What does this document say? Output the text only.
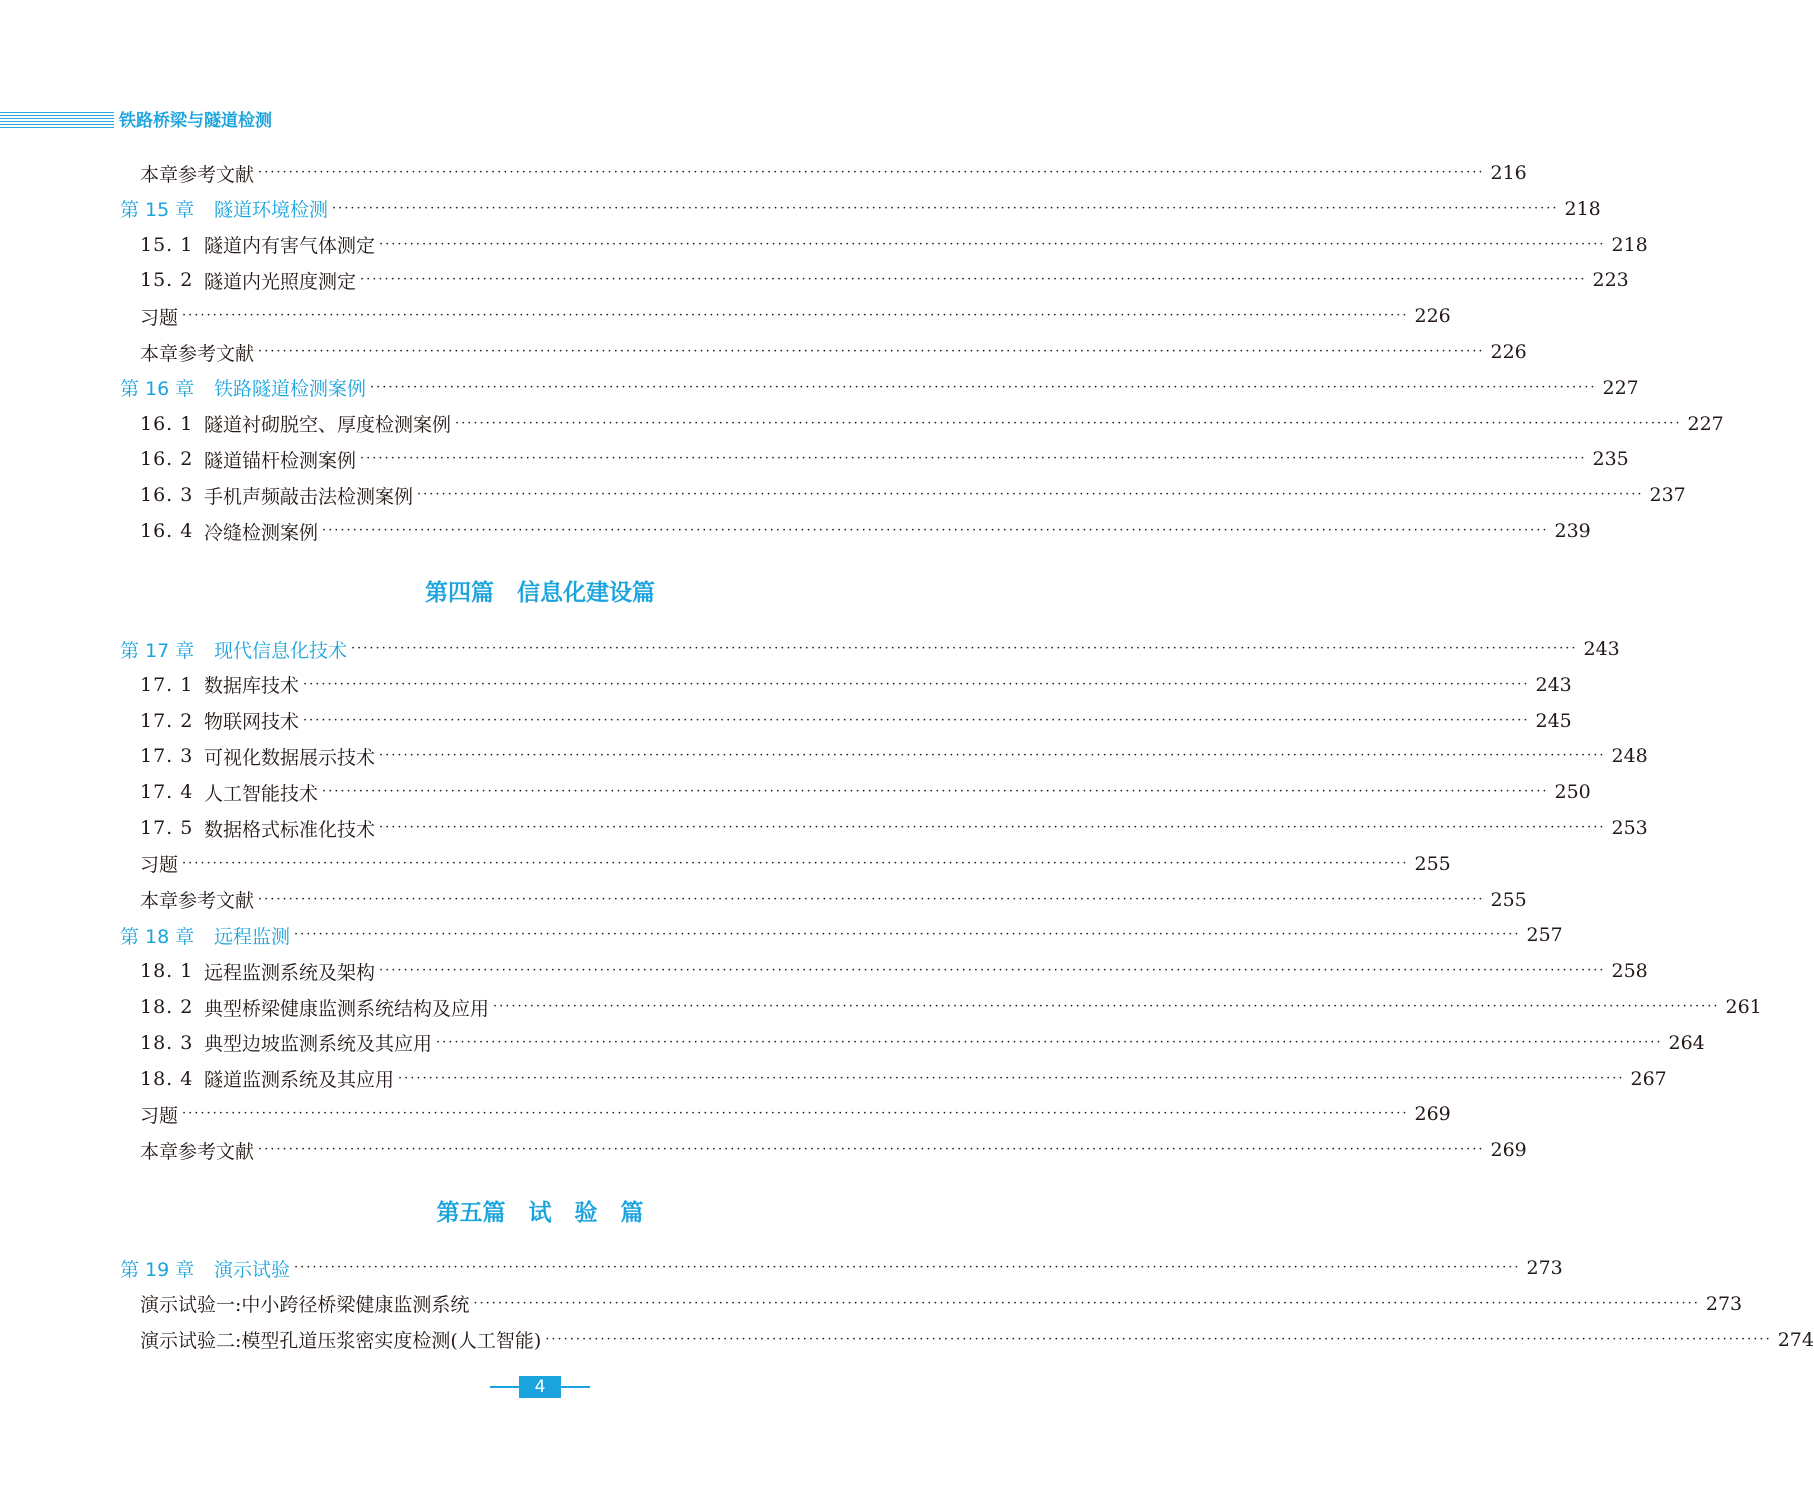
铁路桥梁与隧道检测
本章参考文献 ········································································································································································································ 216
第 15 章	隧道环境检测 ········································································································································································································ 218
15. 1 隧道内有害气体测定 ········································································································································································································ 218
15. 2 隧道内光照度测定 ········································································································································································································ 223
习题 ········································································································································································································ 226
本章参考文献 ········································································································································································································ 226
第 16 章	铁路隧道检测案例 ········································································································································································································ 227
16. 1 隧道衬砌脱空、厚度检测案例 ········································································································································································································ 227
16. 2 隧道锚杆检测案例 ········································································································································································································ 235
16. 3 手机声频敲击法检测案例 ········································································································································································································ 237
16. 4 冷缝检测案例 ········································································································································································································ 239
第四篇　信息化建设篇
第 17 章	现代信息化技术 ········································································································································································································ 243
17. 1 数据库技术 ········································································································································································································ 243
17. 2 物联网技术 ········································································································································································································ 245
17. 3 可视化数据展示技术 ········································································································································································································ 248
17. 4 人工智能技术 ········································································································································································································ 250
17. 5 数据格式标准化技术 ········································································································································································································ 253
习题 ········································································································································································································ 255
本章参考文献 ········································································································································································································ 255
第 18 章	远程监测 ········································································································································································································ 257
18. 1 远程监测系统及架构 ········································································································································································································ 258
18. 2 典型桥梁健康监测系统结构及应用 ········································································································································································································ 261
18. 3 典型边坡监测系统及其应用 ········································································································································································································ 264
18. 4 隧道监测系统及其应用 ········································································································································································································ 267
习题 ········································································································································································································ 269
本章参考文献 ········································································································································································································ 269
第五篇　试　验　篇
第 19 章	演示试验 ········································································································································································································ 273
演示试验一:中小跨径桥梁健康监测系统 ········································································································································································································ 273
演示试验二:模型孔道压浆密实度检测(人工智能) ········································································································································································································ 274
4
